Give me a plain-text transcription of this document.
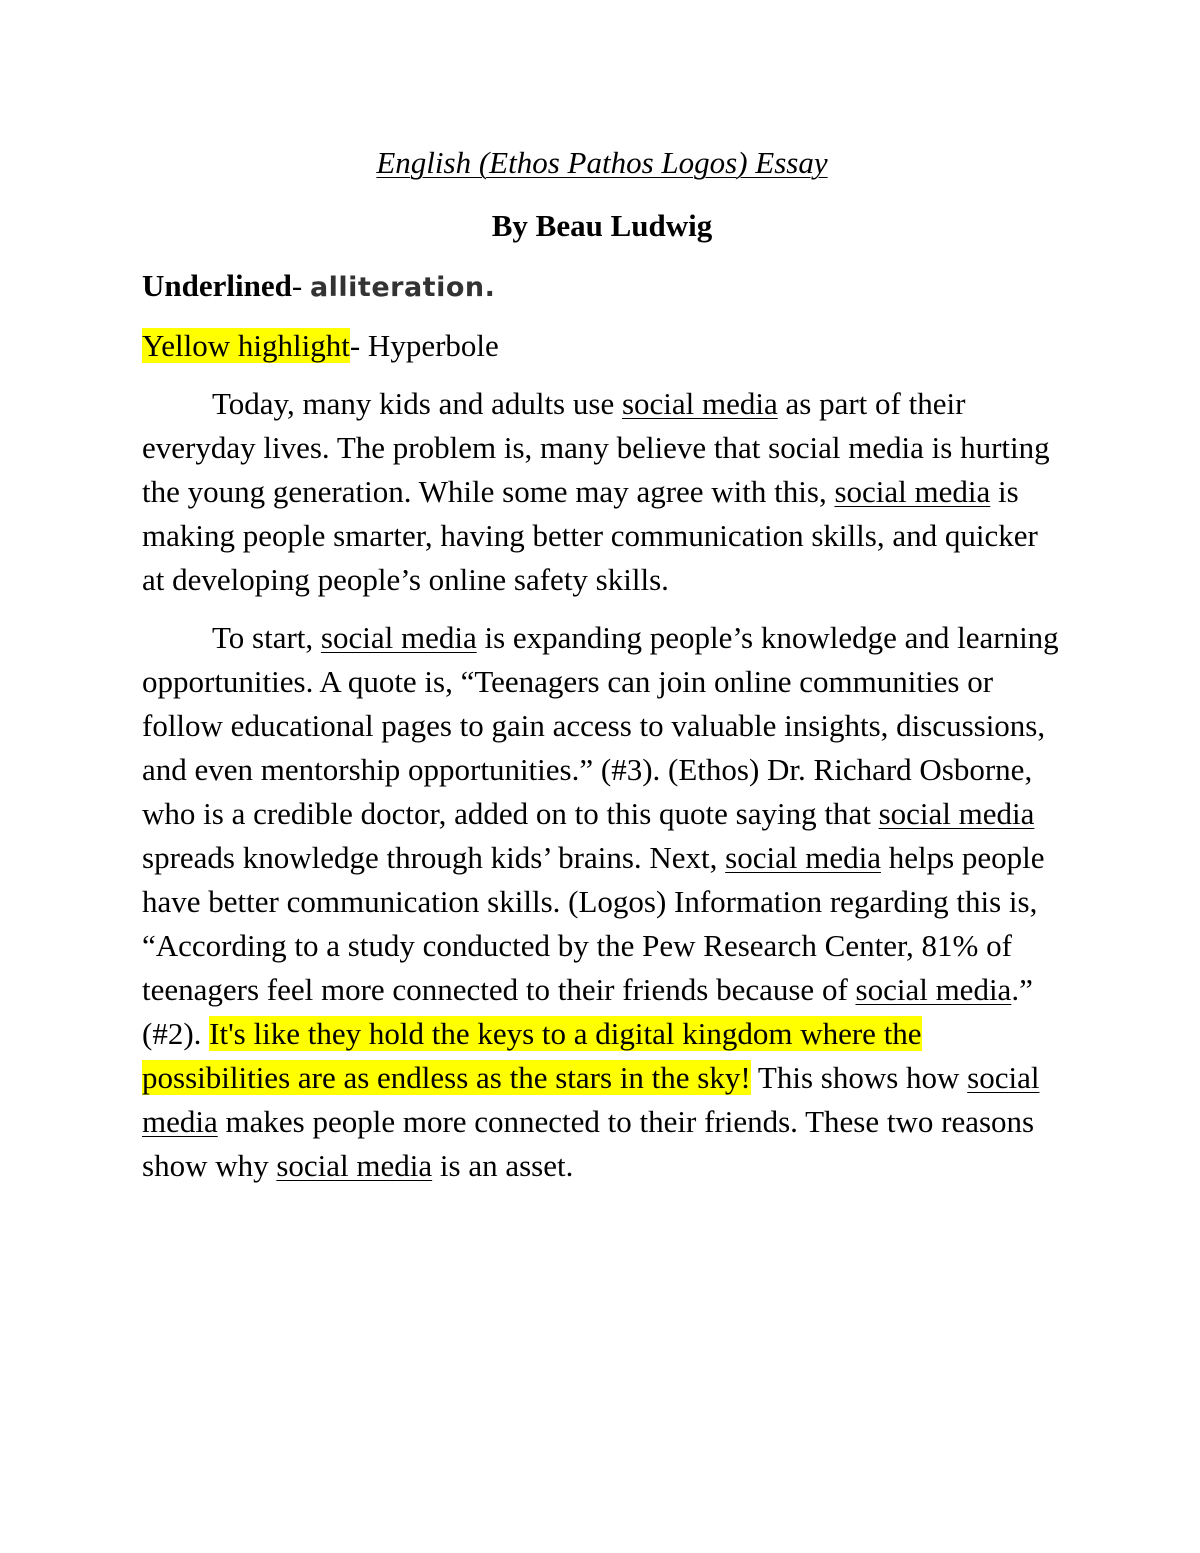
English (Ethos Pathos Logos) Essay
By Beau Ludwig
Underlined- alliteration.
Yellow highlight- Hyperbole

Today, many kids and adults use social media as part of their everyday lives. The problem is, many believe that social media is hurting the young generation. While some may agree with this, social media is making people smarter, having better communication skills, and quicker at developing people’s online safety skills.

To start, social media is expanding people’s knowledge and learning opportunities. A quote is, “Teenagers can join online communities or follow educational pages to gain access to valuable insights, discussions, and even mentorship opportunities.” (#3). (Ethos) Dr. Richard Osborne, who is a credible doctor, added on to this quote saying that social media spreads knowledge through kids’ brains. Next, social media helps people have better communication skills. (Logos) Information regarding this is, “According to a study conducted by the Pew Research Center, 81% of teenagers feel more connected to their friends because of social media.” (#2). It's like they hold the keys to a digital kingdom where the possibilities are as endless as the stars in the sky! This shows how social media makes people more connected to their friends. These two reasons show why social media is an asset.
